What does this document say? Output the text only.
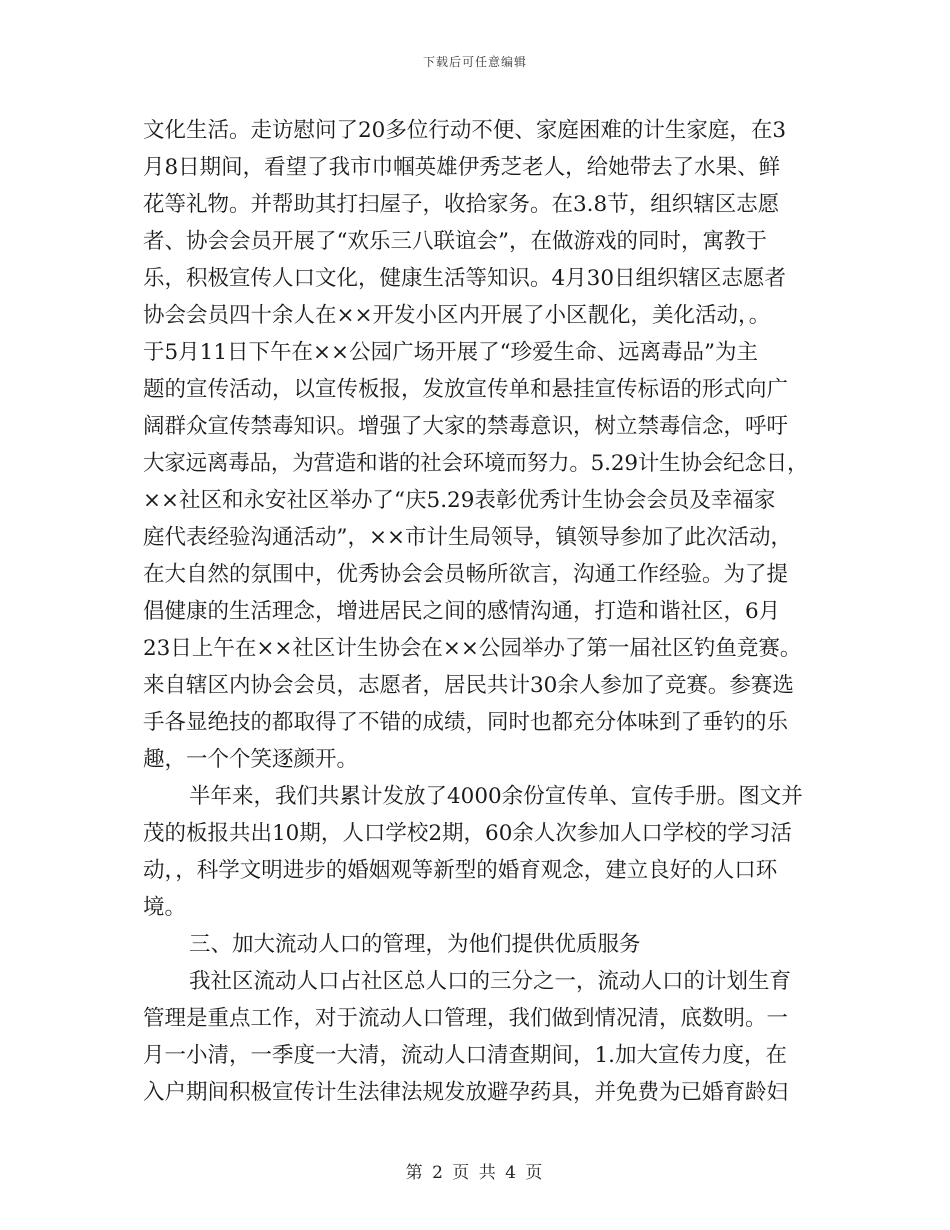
下载后可任意编辑
文化生活。走访慰问了20多位行动不便、家庭困难的计生家庭，在3
月8日期间，看望了我市巾帼英雄伊秀芝老人，给她带去了水果、鲜
花等礼物。并帮助其打扫屋子，收拾家务。在3.8节，组织辖区志愿
者、协会会员开展了“欢乐三八联谊会”，在做游戏的同时，寓教于
乐，积极宣传人口文化，健康生活等知识。4月30日组织辖区志愿者
协会会员四十余人在××开发小区内开展了小区靓化，美化活动，。
于5月11日下午在××公园广场开展了“珍爱生命、远离毒品”为主
题的宣传活动，以宣传板报，发放宣传单和悬挂宣传标语的形式向广
阔群众宣传禁毒知识。增强了大家的禁毒意识，树立禁毒信念，呼吁
大家远离毒品，为营造和谐的社会环境而努力。5.29计生协会纪念日，
××社区和永安社区举办了“庆5.29表彰优秀计生协会会员及幸福家
庭代表经验沟通活动”，××市计生局领导，镇领导参加了此次活动，
在大自然的氛围中，优秀协会会员畅所欲言，沟通工作经验。为了提
倡健康的生活理念，增进居民之间的感情沟通，打造和谐社区，6月
23日上午在××社区计生协会在××公园举办了第一届社区钓鱼竞赛。
来自辖区内协会会员，志愿者，居民共计30余人参加了竞赛。参赛选
手各显绝技的都取得了不错的成绩，同时也都充分体味到了垂钓的乐
趣，一个个笑逐颜开。
半年来，我们共累计发放了4000余份宣传单、宣传手册。图文并
茂的板报共出10期，人口学校2期，60余人次参加人口学校的学习活
动，，科学文明进步的婚姻观等新型的婚育观念，建立良好的人口环
境。
三、加大流动人口的管理，为他们提供优质服务
我社区流动人口占社区总人口的三分之一，流动人口的计划生育
管理是重点工作，对于流动人口管理，我们做到情况清，底数明。一
月一小清，一季度一大清，流动人口清查期间，1.加大宣传力度，在
入户期间积极宣传计生法律法规发放避孕药具，并免费为已婚育龄妇
第 2 页 共 4 页
